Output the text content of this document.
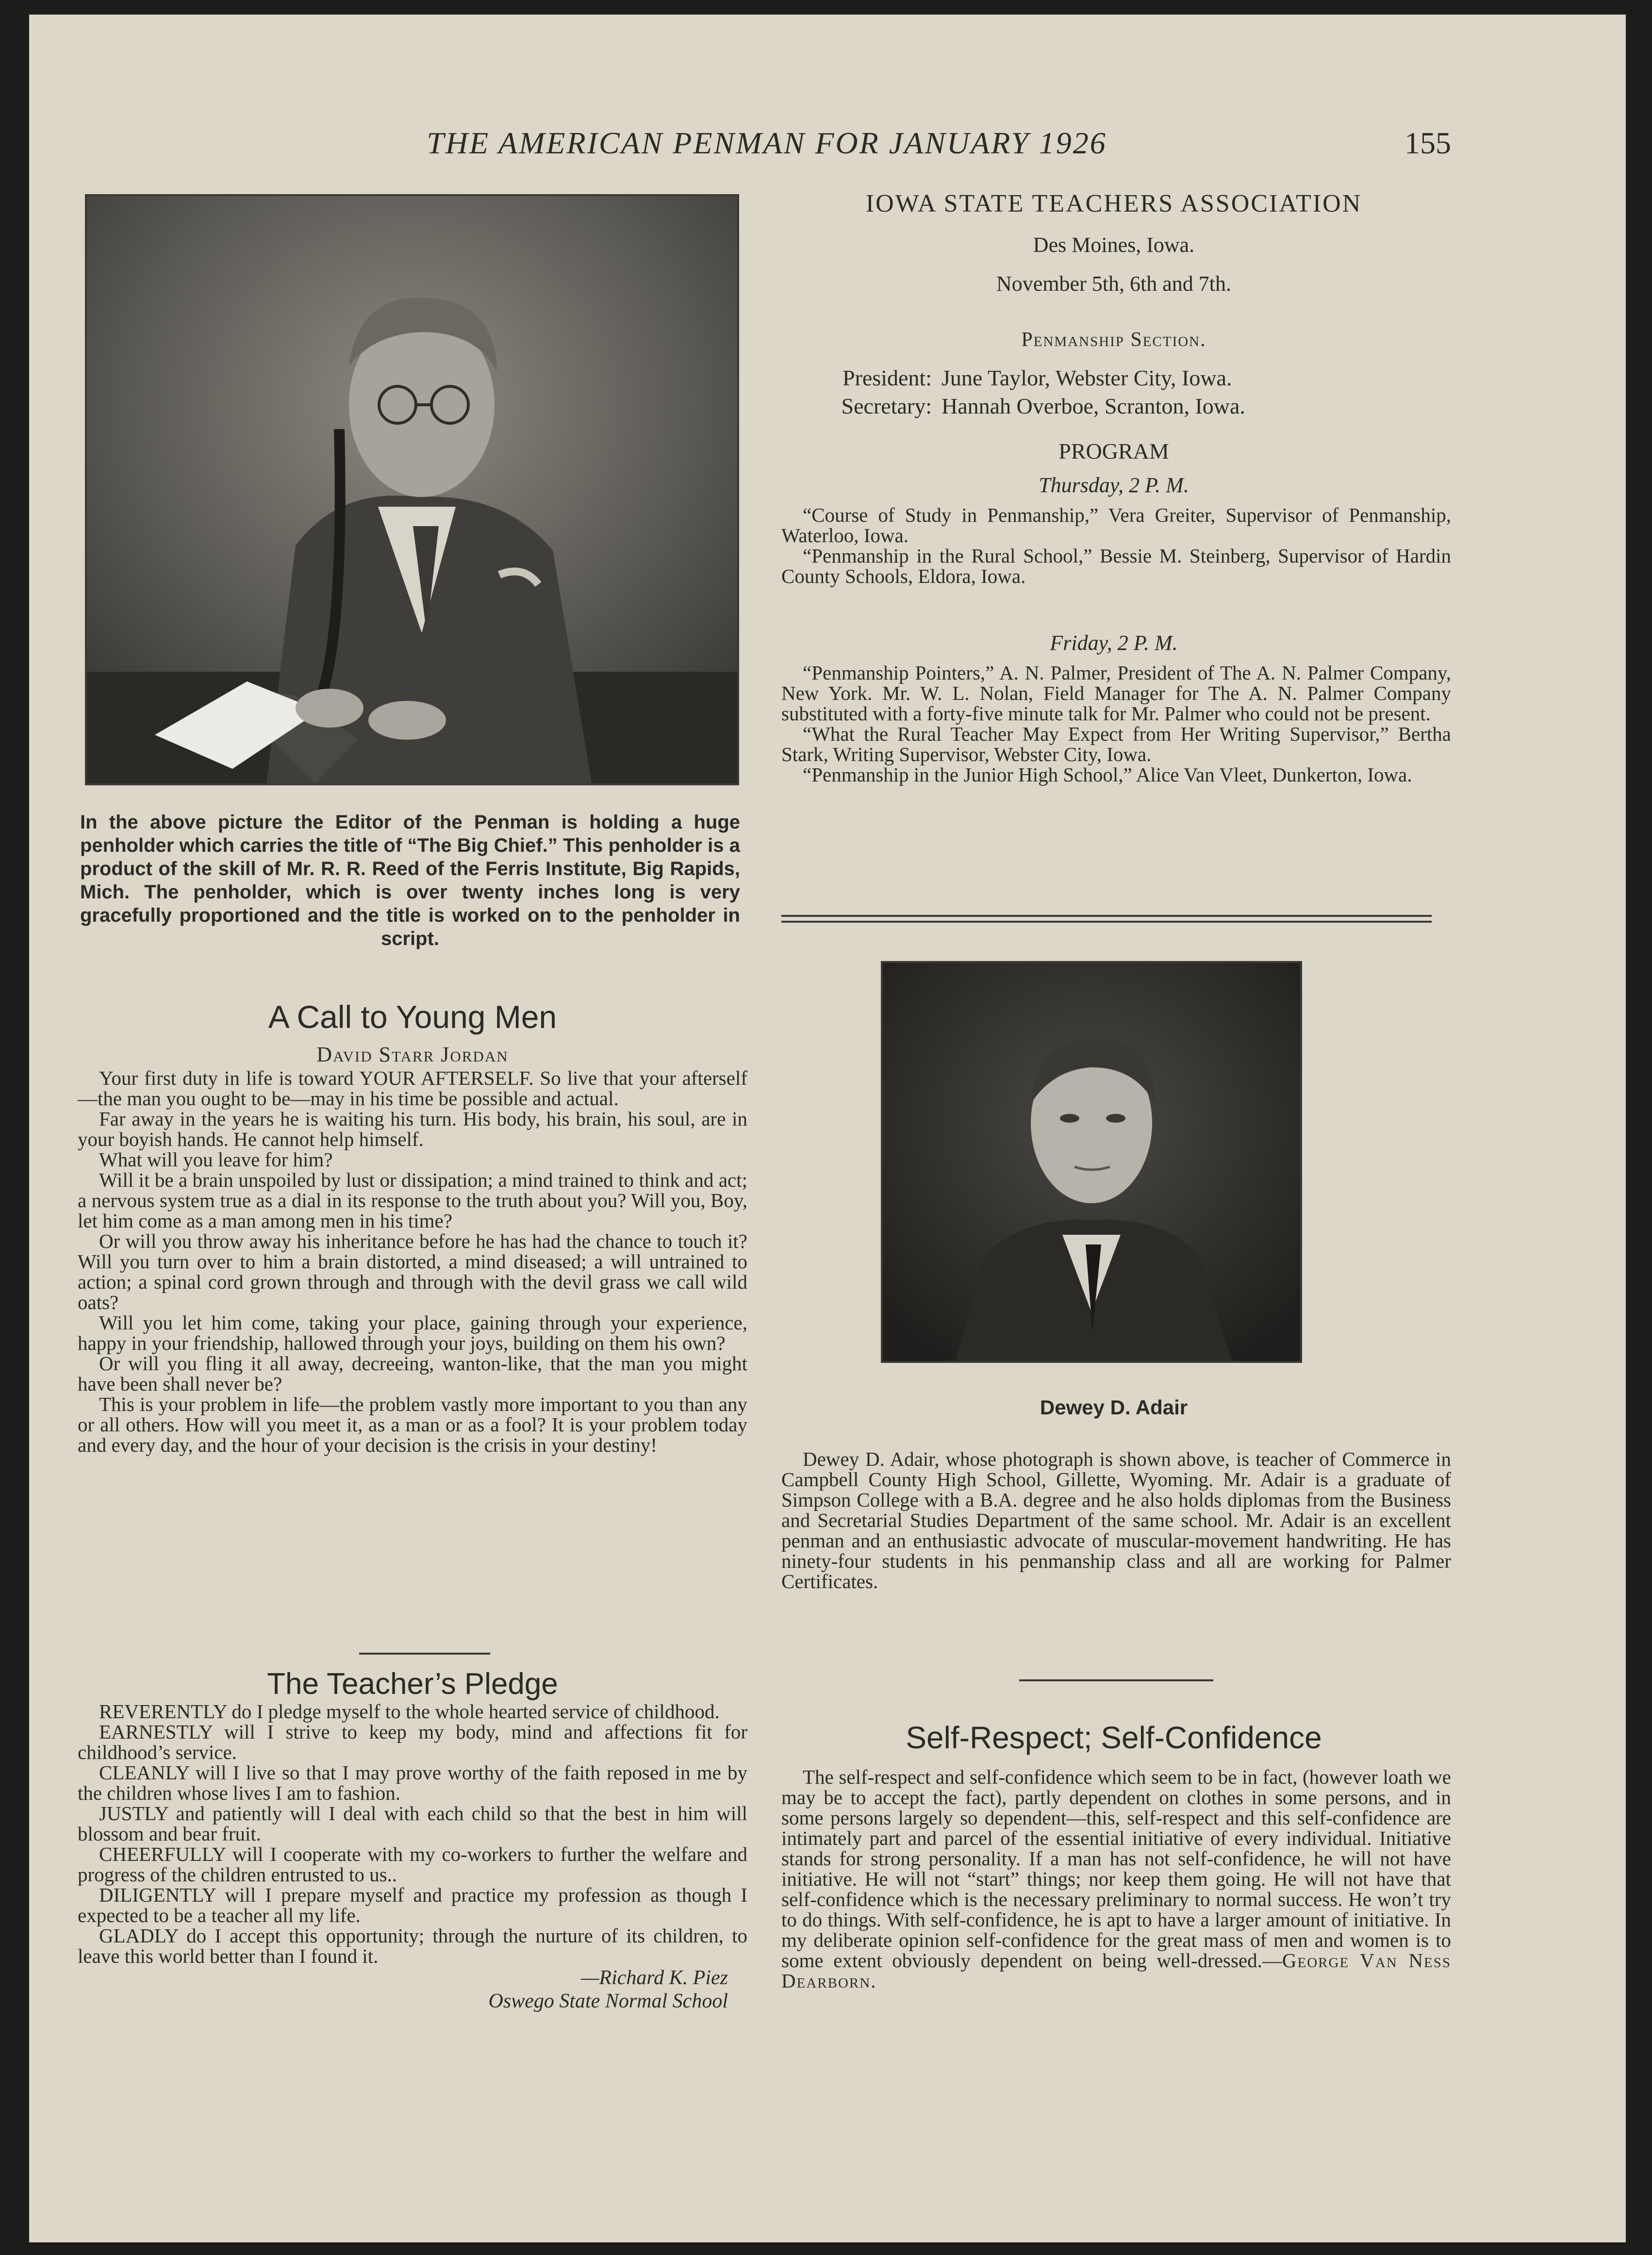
THE AMERICAN PENMAN FOR JANUARY 1926	155
In the above picture the Editor of the Penman is holding a huge penholder which carries the title of “The Big Chief.” This penholder is a product of the skill of Mr. R. R. Reed of the Ferris Institute, Big Rapids, Mich. The penholder, which is over twenty inches long is very gracefully proportioned and the title is worked on to the penholder in script.
A Call to Young Men
David Starr Jordan

Your first duty in life is toward YOUR AFTERSELF. So live that your afterself—the man you ought to be—may in his time be possible and actual.

Far away in the years he is waiting his turn. His body, his brain, his soul, are in your boyish hands. He cannot help himself.

What will you leave for him?

Will it be a brain unspoiled by lust or dissipation; a mind trained to think and act; a nervous system true as a dial in its response to the truth about you? Will you, Boy, let him come as a man among men in his time?

Or will you throw away his inheritance before he has had the chance to touch it? Will you turn over to him a brain distorted, a mind diseased; a will untrained to action; a spinal cord grown through and through with the devil grass we call wild oats?

Will you let him come, taking your place, gaining through your experience, happy in your friendship, hallowed through your joys, building on them his own?

Or will you fling it all away, decreeing, wanton-like, that the man you might have been shall never be?

This is your problem in life—the problem vastly more important to you than any or all others. How will you meet it, as a man or as a fool? It is your problem today and every day, and the hour of your decision is the crisis in your destiny!

The Teacher’s Pledge

REVERENTLY do I pledge myself to the whole hearted service of childhood.

EARNESTLY will I strive to keep my body, mind and affections fit for childhood’s service.

CLEANLY will I live so that I may prove worthy of the faith reposed in me by the children whose lives I am to fashion.

JUSTLY and patiently will I deal with each child so that the best in him will blossom and bear fruit.

CHEERFULLY will I cooperate with my co-workers to further the welfare and progress of the children entrusted to us..

DILIGENTLY will I prepare myself and practice my profession as though I expected to be a teacher all my life.

GLADLY do I accept this opportunity; through the nurture of its children, to leave this world better than I found it.

—Richard K. Piez
Oswego State Normal School
IOWA STATE TEACHERS ASSOCIATION
Des Moines, Iowa.
November 5th, 6th and 7th.
Penmanship Section.
President: June Taylor, Webster City, Iowa.
Secretary: Hannah Overboe, Scranton, Iowa.
PROGRAM
Thursday, 2 P. M.

“Course of Study in Penmanship,” Vera Greiter, Supervisor of Penmanship, Waterloo, Iowa.

“Penmanship in the Rural School,” Bessie M. Steinberg, Supervisor of Hardin County Schools, Eldora, Iowa.

Friday, 2 P. M.

“Penmanship Pointers,” A. N. Palmer, President of The A. N. Palmer Company, New York. Mr. W. L. Nolan, Field Manager for The A. N. Palmer Company substituted with a forty-five minute talk for Mr. Palmer who could not be present.

“What the Rural Teacher May Expect from Her Writing Supervisor,” Bertha Stark, Writing Supervisor, Webster City, Iowa.

“Penmanship in the Junior High School,” Alice Van Vleet, Dunkerton, Iowa.

Dewey D. Adair

Dewey D. Adair, whose photograph is shown above, is teacher of Commerce in Campbell County High School, Gillette, Wyoming. Mr. Adair is a graduate of Simpson College with a B.A. degree and he also holds diplomas from the Business and Secretarial Studies Department of the same school. Mr. Adair is an excellent penman and an enthusiastic advocate of muscular-movement handwriting. He has ninety-four students in his penmanship class and all are working for Palmer Certificates.

Self-Respect; Self-Confidence

The self-respect and self-confidence which seem to be in fact, (however loath we may be to accept the fact), partly dependent on clothes in some persons, and in some persons largely so dependent—this, self-respect and this self-confidence are intimately part and parcel of the essential initiative of every individual. Initiative stands for strong personality. If a man has not self-confidence, he will not have initiative. He will not “start” things; nor keep them going. He will not have that self-confidence which is the necessary preliminary to normal success. He won’t try to do things. With self-confidence, he is apt to have a larger amount of initiative. In my deliberate opinion self-confidence for the great mass of men and women is to some extent obviously dependent on being well-dressed.—George Van Ness Dearborn.
